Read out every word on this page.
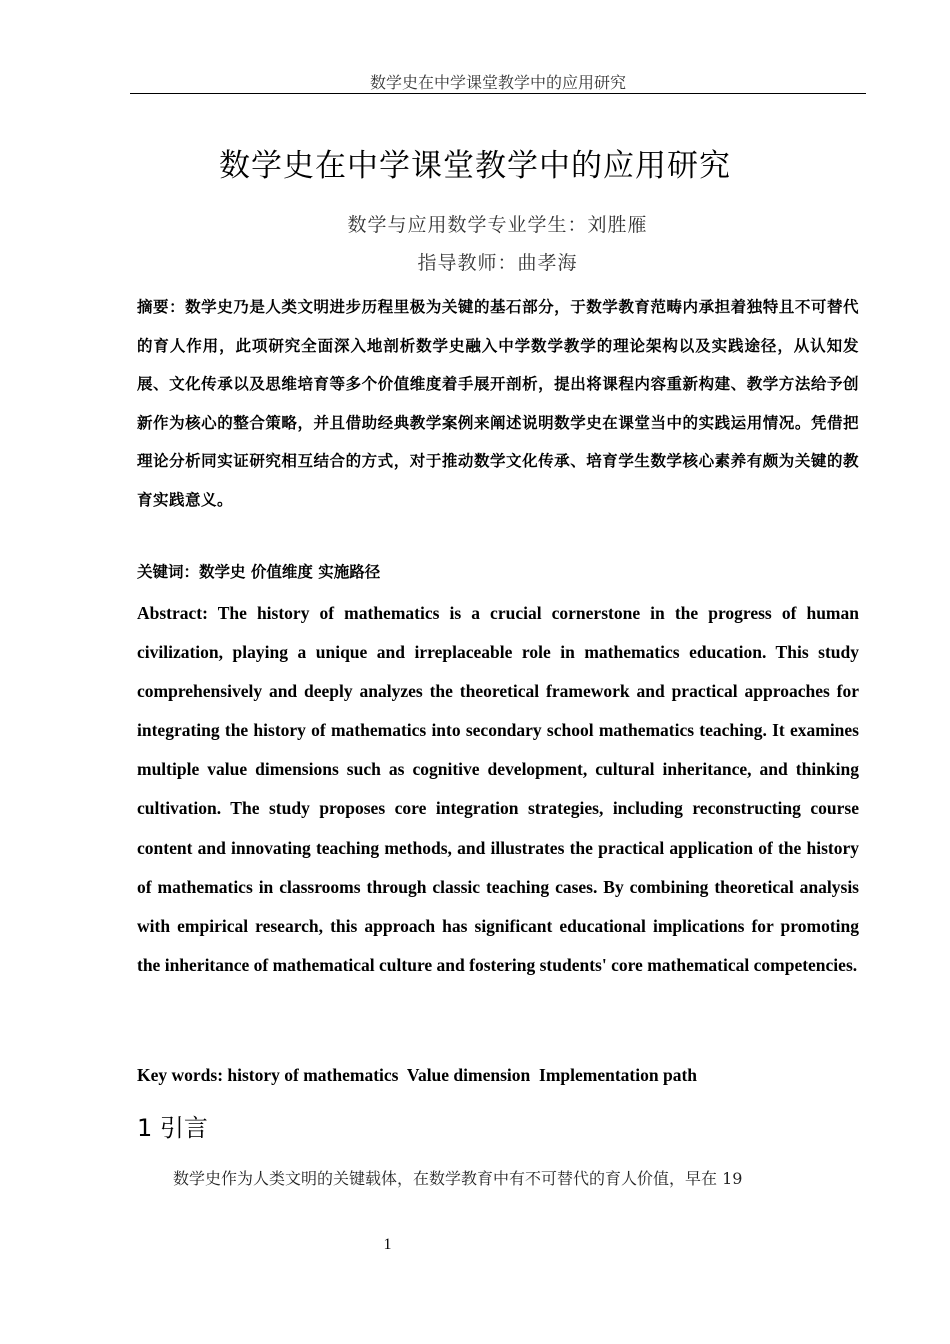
数学史在中学课堂教学中的应用研究
数学史在中学课堂教学中的应用研究
数学与应用数学专业学生：刘胜雁
指导教师：曲孝海
摘要：数学史乃是人类文明进步历程里极为关键的基石部分，于数学教育范畴内承担着独特且不可替代的育人作用，此项研究全面深入地剖析数学史融入中学数学教学的理论架构以及实践途径，从认知发展、文化传承以及思维培育等多个价值维度着手展开剖析，提出将课程内容重新构建、教学方法给予创新作为核心的整合策略，并且借助经典教学案例来阐述说明数学史在课堂当中的实践运用情况。凭借把理论分析同实证研究相互结合的方式，对于推动数学文化传承、培育学生数学核心素养有颇为关键的教育实践意义。
关键词：数学史 价值维度 实施路径
Abstract: The history of mathematics is a crucial cornerstone in the progress of human civilization, playing a unique and irreplaceable role in mathematics education. This study comprehensively and deeply analyzes the theoretical framework and practical approaches for integrating the history of mathematics into secondary school mathematics teaching. It examines multiple value dimensions such as cognitive development, cultural inheritance, and thinking cultivation. The study proposes core integration strategies, including reconstructing course content and innovating teaching methods, and illustrates the practical application of the history of mathematics in classrooms through classic teaching cases. By combining theoretical analysis with empirical research, this approach has significant educational implications for promoting the inheritance of mathematical culture and fostering students' core mathematical competencies.
Key words: history of mathematics  Value dimension  Implementation path
1 引言

数学史作为人类文明的关键载体，在数学教育中有不可替代的育人价值，早在 19

1
